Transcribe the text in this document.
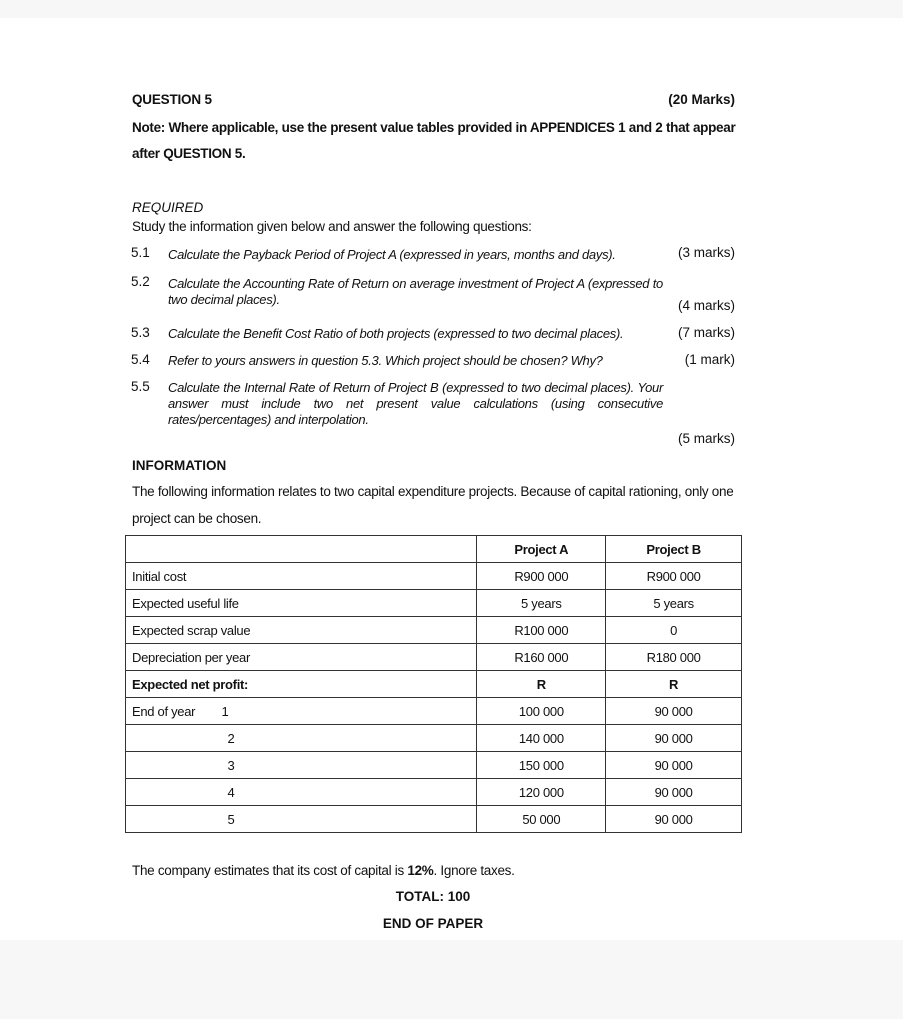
QUESTION 5	(20 Marks)
Note: Where applicable, use the present value tables provided in APPENDICES 1 and 2 that appear
after QUESTION 5.
REQUIRED
Study the information given below and answer the following questions:
5.1 Calculate the Payback Period of Project A (expressed in years, months and days).	(3 marks)
5.2 Calculate the Accounting Rate of Return on average investment of Project A (expressed to two decimal places).	(4 marks)
5.3 Calculate the Benefit Cost Ratio of both projects (expressed to two decimal places).	(7 marks)
5.4 Refer to yours answers in question 5.3. Which project should be chosen? Why?	(1 mark)
5.5 Calculate the Internal Rate of Return of Project B (expressed to two decimal places). Your answer must include two net present value calculations (using consecutive rates/percentages) and interpolation.
(5 marks)
INFORMATION
The following information relates to two capital expenditure projects. Because of capital rationing, only one
project can be chosen.
	Project A	Project B
Initial cost	R900 000	R900 000
Expected useful life	5 years	5 years
Expected scrap value	R100 000	0
Depreciation per year	R160 000	R180 000
Expected net profit:	R	R

End of year 1	100 000	90 000
2	140 000	90 000
3	150 000	90 000
4	120 000	90 000
5	50 000	90 000
The company estimates that its cost of capital is 12%. Ignore taxes.
TOTAL: 100
END OF PAPER
